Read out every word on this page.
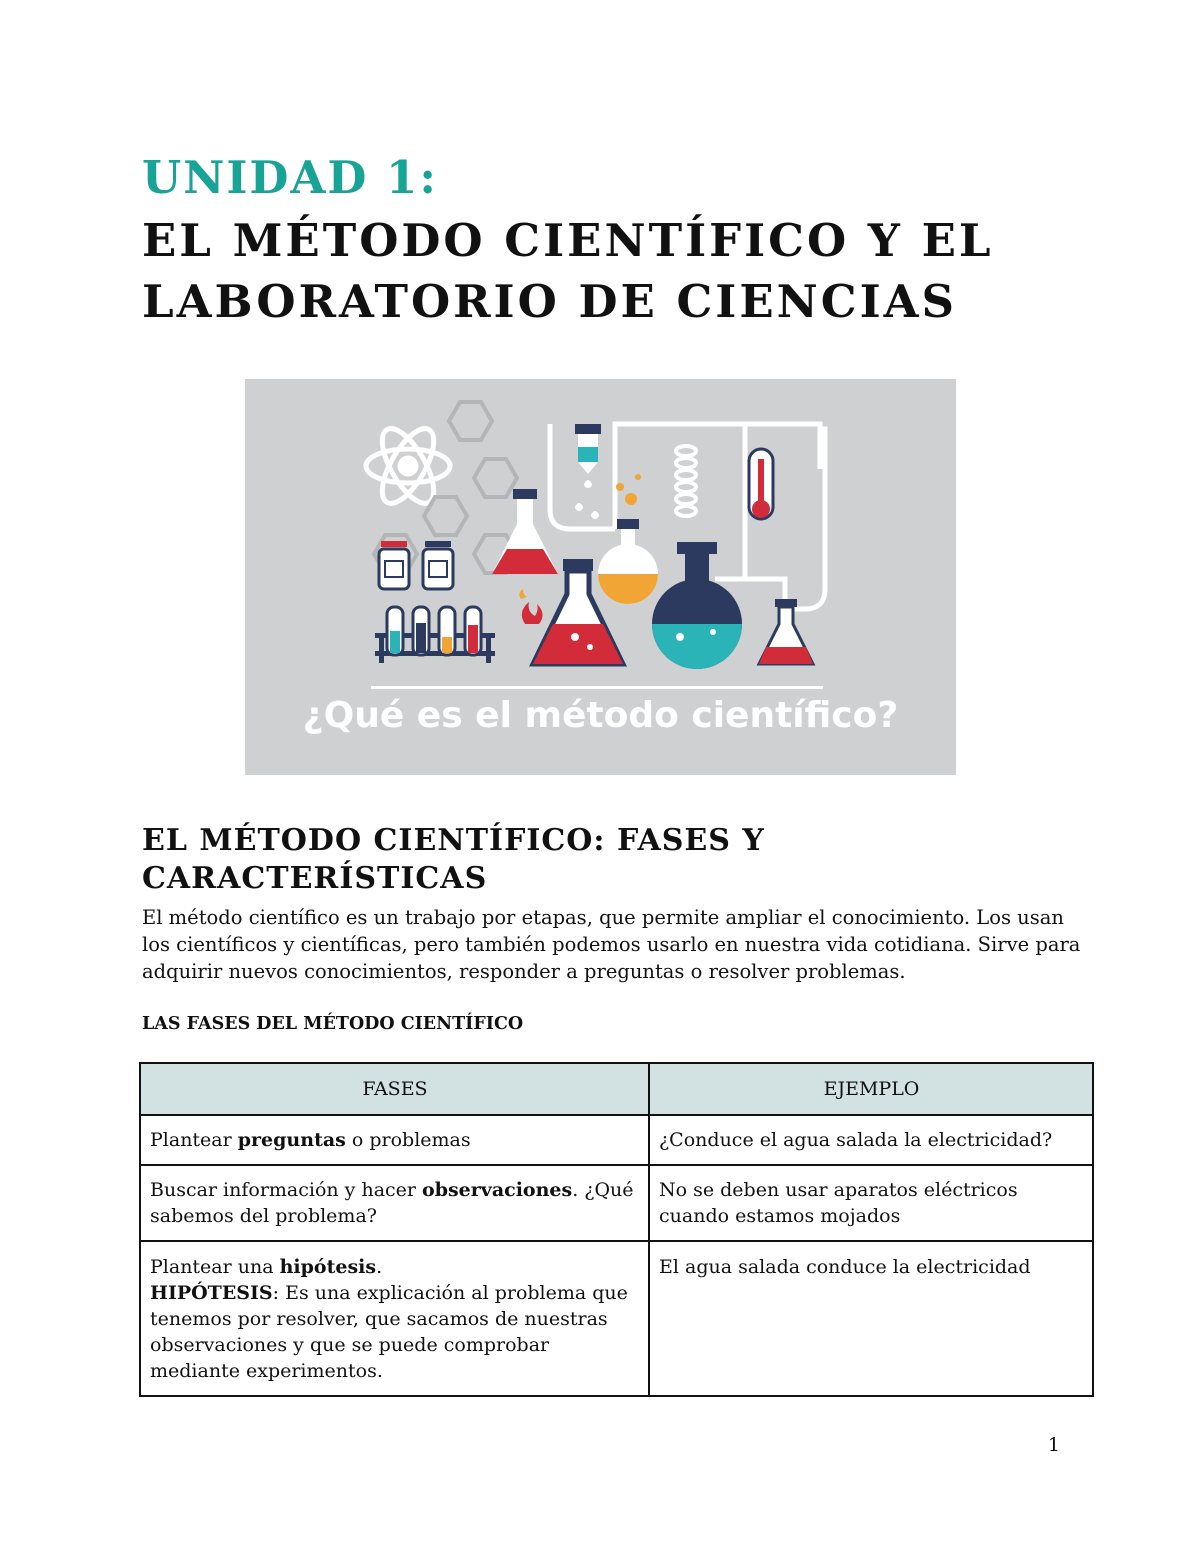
UNIDAD 1:
EL MÉTODO CIENTÍFICO Y EL LABORATORIO DE CIENCIAS

¿Qué es el método científico?

EL MÉTODO CIENTÍFICO: FASES Y CARACTERÍSTICAS

El método científico es un trabajo por etapas, que permite ampliar el conocimiento. Los usan los científicos y científicas, pero también podemos usarlo en nuestra vida cotidiana. Sirve para adquirir nuevos conocimientos, responder a preguntas o resolver problemas.

LAS FASES DEL MÉTODO CIENTÍFICO
FASES	EJEMPLO
Plantear preguntas o problemas	¿Conduce el agua salada la electricidad?
Buscar información y hacer observaciones. ¿Qué sabemos del problema?	No se deben usar aparatos eléctricos cuando estamos mojados
Plantear una hipótesis.
HIPÓTESIS: Es una explicación al problema que tenemos por resolver, que sacamos de nuestras observaciones y que se puede comprobar mediante experimentos.	El agua salada conduce la electricidad

1
